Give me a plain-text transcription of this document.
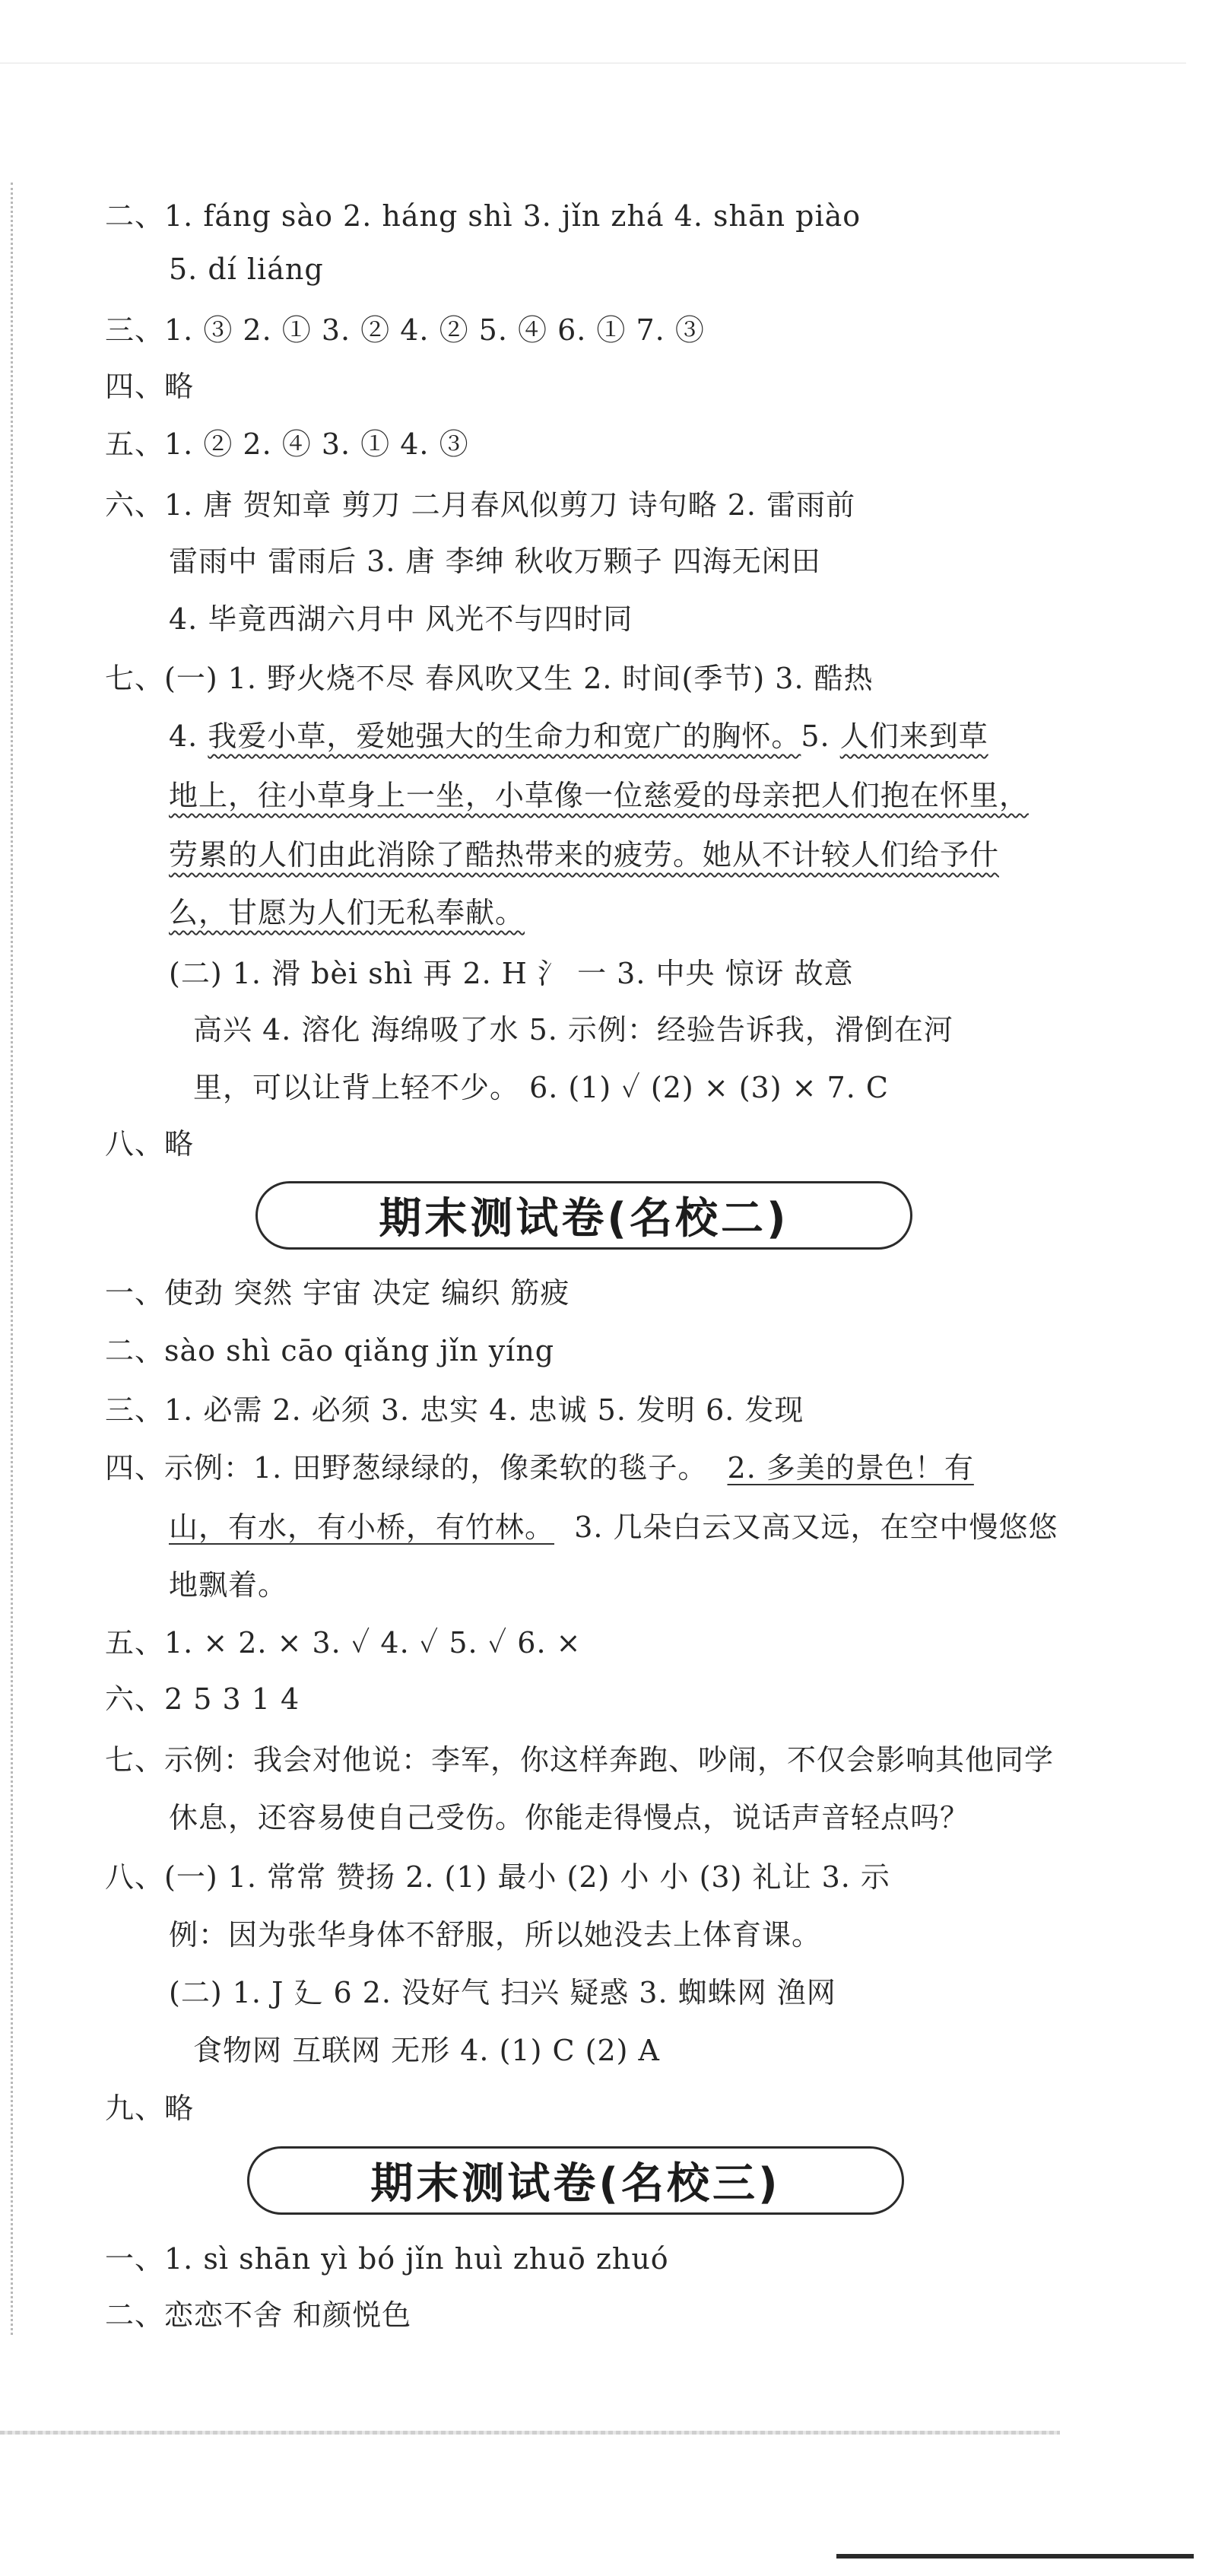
二、1. fáng sào 2. háng shì 3. jǐn zhá 4. shān piào
5. dí liáng
三、1. ③ 2. ① 3. ② 4. ② 5. ④ 6. ① 7. ③
四、略
五、1. ② 2. ④ 3. ① 4. ③
六、1. 唐 贺知章 剪刀 二月春风似剪刀 诗句略 2. 雷雨前
雷雨中 雷雨后 3. 唐 李绅 秋收万颗子 四海无闲田
4. 毕竟西湖六月中 风光不与四时同
七、(一) 1. 野火烧不尽 春风吹又生 2. 时间(季节) 3. 酷热
4. 我爱小草，爱她强大的生命力和宽广的胸怀。5. 人们来到草
地上，往小草身上一坐，小草像一位慈爱的母亲把人们抱在怀里，
劳累的人们由此消除了酷热带来的疲劳。她从不计较人们给予什
么，甘愿为人们无私奉献。
(二) 1. 滑 bèi shì 再 2. H 氵 一 3. 中央 惊讶 故意
高兴 4. 溶化 海绵吸了水 5. 示例：经验告诉我，滑倒在河
里，可以让背上轻不少。 6. (1) ✓ (2) × (3) × 7. C
八、略
期末测试卷(名校二)
一、使劲 突然 宇宙 决定 编织 筋疲
二、sào shì cāo qiǎng jǐn yíng
三、1. 必需 2. 必须 3. 忠实 4. 忠诚 5. 发明 6. 发现
四、示例：1. 田野葱绿绿的，像柔软的毯子。 2. 多美的景色！有
山，有水，有小桥，有竹林。 3. 几朵白云又高又远，在空中慢悠悠
地飘着。
五、1. × 2. × 3. ✓ 4. ✓ 5. ✓ 6. ×
六、2 5 3 1 4
七、示例：我会对他说：李军，你这样奔跑、吵闹，不仅会影响其他同学
休息，还容易使自己受伤。你能走得慢点，说话声音轻点吗？
八、(一) 1. 常常 赞扬 2. (1) 最小 (2) 小 小 (3) 礼让 3. 示
例：因为张华身体不舒服，所以她没去上体育课。
(二) 1. J 廴 6 2. 没好气 扫兴 疑惑 3. 蜘蛛网 渔网
食物网 互联网 无形 4. (1) C (2) A
九、略
期末测试卷(名校三)
一、1. sì shān yì bó jǐn huì zhuō zhuó
二、恋恋不舍 和颜悦色
